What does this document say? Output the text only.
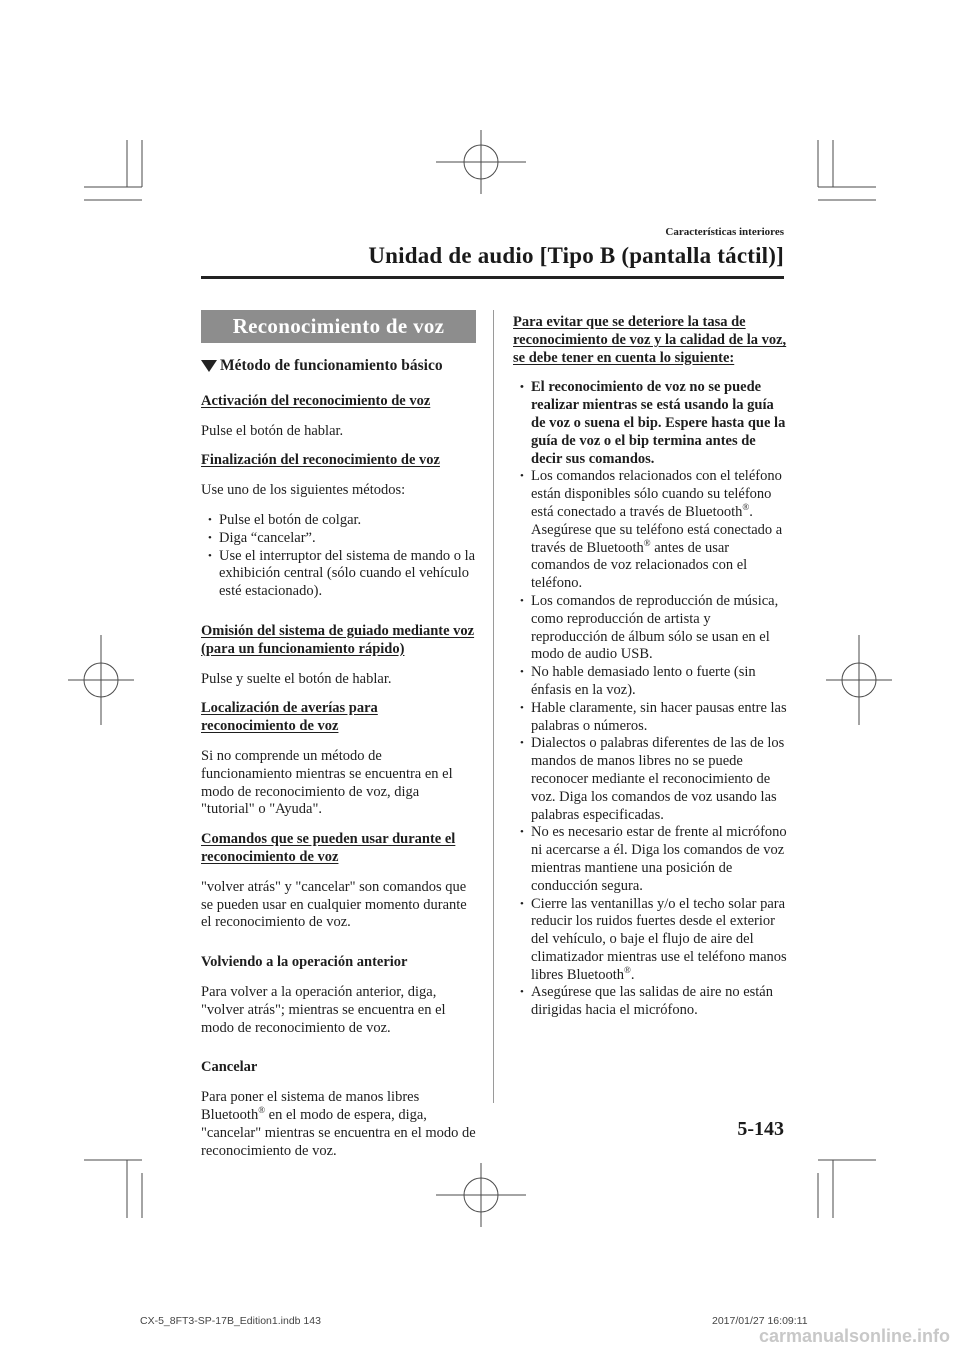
Características interiores
Unidad de audio [Tipo B (pantalla táctil)]
Reconocimiento de voz
Método de funcionamiento básico
Activación del reconocimiento de voz

Pulse el botón de hablar.

Finalización del reconocimiento de voz

Use uno de los siguientes métodos:

• Pulse el botón de colgar.
• Diga “cancelar”.
• Use el interruptor del sistema de mando o la exhibición central (sólo cuando el vehículo esté estacionado).
Omisión del sistema de guiado mediante voz (para un funcionamiento rápido)

Pulse y suelte el botón de hablar.

Localización de averías para reconocimiento de voz

Si no comprende un método de funcionamiento mientras se encuentra en el modo de reconocimiento de voz, diga "tutorial" o "Ayuda".

Comandos que se pueden usar durante el reconocimiento de voz

"volver atrás" y "cancelar" son comandos que se pueden usar en cualquier momento durante el reconocimiento de voz.

Volviendo a la operación anterior

Para volver a la operación anterior, diga, "volver atrás"; mientras se encuentra en el modo de reconocimiento de voz.

Cancelar

Para poner el sistema de manos libres Bluetooth® en el modo de espera, diga, "cancelar" mientras se encuentra en el modo de reconocimiento de voz.

Para evitar que se deteriore la tasa de reconocimiento de voz y la calidad de la voz, se debe tener en cuenta lo siguiente:
• El reconocimiento de voz no se puede realizar mientras se está usando la guía de voz o suena el bip. Espere hasta que la guía de voz o el bip termina antes de decir sus comandos.
• Los comandos relacionados con el teléfono están disponibles sólo cuando su teléfono está conectado a través de Bluetooth®. Asegúrese que su teléfono está conectado a través de Bluetooth® antes de usar comandos de voz relacionados con el teléfono.
• Los comandos de reproducción de música, como reproducción de artista y reproducción de álbum sólo se usan en el modo de audio USB.
• No hable demasiado lento o fuerte (sin énfasis en la voz).
• Hable claramente, sin hacer pausas entre las palabras o números.
• Dialectos o palabras diferentes de las de los mandos de manos libres no se puede reconocer mediante el reconocimiento de voz. Diga los comandos de voz usando las palabras especificadas.
• No es necesario estar de frente al micrófono ni acercarse a él. Diga los comandos de voz mientras mantiene una posición de conducción segura.
• Cierre las ventanillas y/o el techo solar para reducir los ruidos fuertes desde el exterior del vehículo, o baje el flujo de aire del climatizador mientras use el teléfono manos libres Bluetooth®.
• Asegúrese que las salidas de aire no están dirigidas hacia el micrófono.
5-143
CX-5_8FT3-SP-17B_Edition1.indb 143	2017/01/27 16:09:11
carmanualsonline.info
